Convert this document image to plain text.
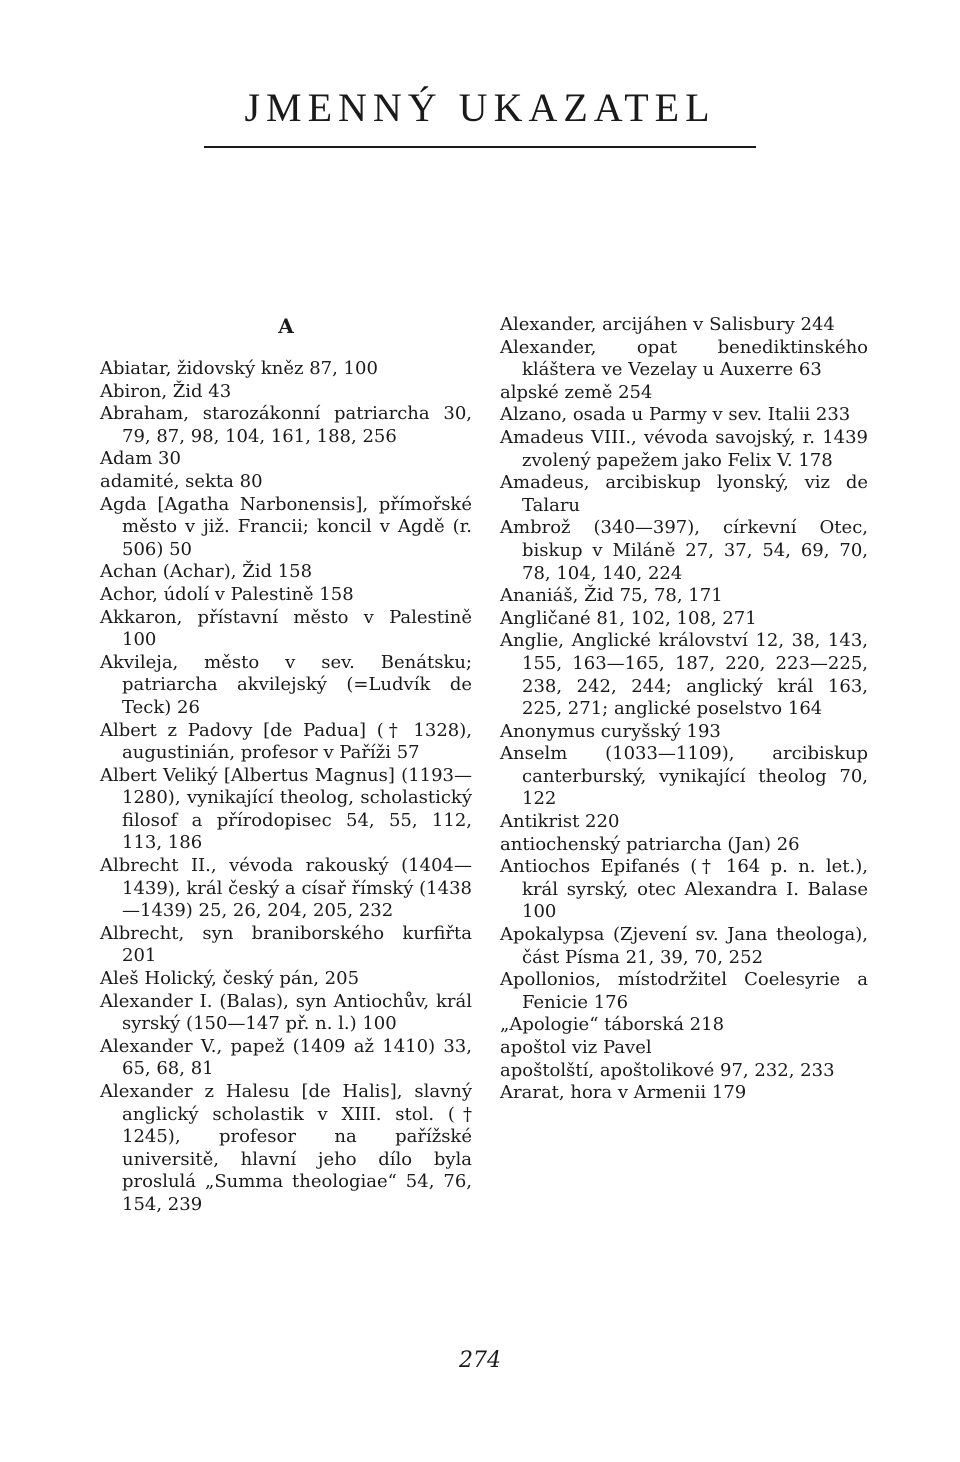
JMENNÝ UKAZATEL
A
Abiatar, židovský kněz 87, 100
Abiron, Žid 43
Abraham, starozákonní patriarcha 30, 79, 87, 98, 104, 161, 188, 256
Adam 30
adamité, sekta 80
Agda [Agatha Narbonensis], přímořské město v již. Francii; koncil v Agdě (r. 506) 50
Achan (Achar), Žid 158
Achor, údolí v Palestině 158
Akkaron, přístavní město v Palestině 100
Akvileja, město v sev. Benátsku; patriarcha akvilejský (=Ludvík de Teck) 26
Albert z Padovy [de Padua] († 1328), augustinián, profesor v Paříži 57
Albert Veliký [Albertus Magnus] (1193—1280), vynikající theolog, scholastický filosof a přírodopisec 54, 55, 112, 113, 186
Albrecht II., vévoda rakouský (1404—1439), král český a císař římský (1438—1439) 25, 26, 204, 205, 232
Albrecht, syn braniborského kurfiřta 201
Aleš Holický, český pán, 205
Alexander I. (Balas), syn Antiochův, král syrský (150—147 př. n. l.) 100
Alexander V., papež (1409 až 1410) 33, 65, 68, 81
Alexander z Halesu [de Halis], slavný anglický scholastik v XIII. stol. († 1245), profesor na pařížské universitě, hlavní jeho dílo byla proslulá „Summa theologiae“ 54, 76, 154, 239
Alexander, arcijáhen v Salisbury 244
Alexander, opat benediktinského kláštera ve Vezelay u Auxerre 63
alpské země 254
Alzano, osada u Parmy v sev. Italii 233
Amadeus VIII., vévoda savojský, r. 1439 zvolený papežem jako Felix V. 178
Amadeus, arcibiskup lyonský, viz de Talaru
Ambrož (340—397), církevní Otec, biskup v Miláně 27, 37, 54, 69, 70, 78, 104, 140, 224
Ananiáš, Žid 75, 78, 171
Angličané 81, 102, 108, 271
Anglie, Anglické království 12, 38, 143, 155, 163—165, 187, 220, 223—225, 238, 242, 244; anglický král 163, 225, 271; anglické poselstvo 164
Anonymus curyšský 193
Anselm (1033—1109), arcibiskup canterburský, vynikající theolog 70, 122
Antikrist 220
antiochenský patriarcha (Jan) 26
Antiochos Epifanés († 164 p. n. let.), král syrský, otec Alexandra I. Balase 100
Apokalypsa (Zjevení sv. Jana theologa), část Písma 21, 39, 70, 252
Apollonios, místodržitel Coelesyrie a Fenicie 176
„Apologie“ táborská 218
apoštol viz Pavel
apoštolští, apoštolikové 97, 232, 233
Ararat, hora v Armenii 179
274
